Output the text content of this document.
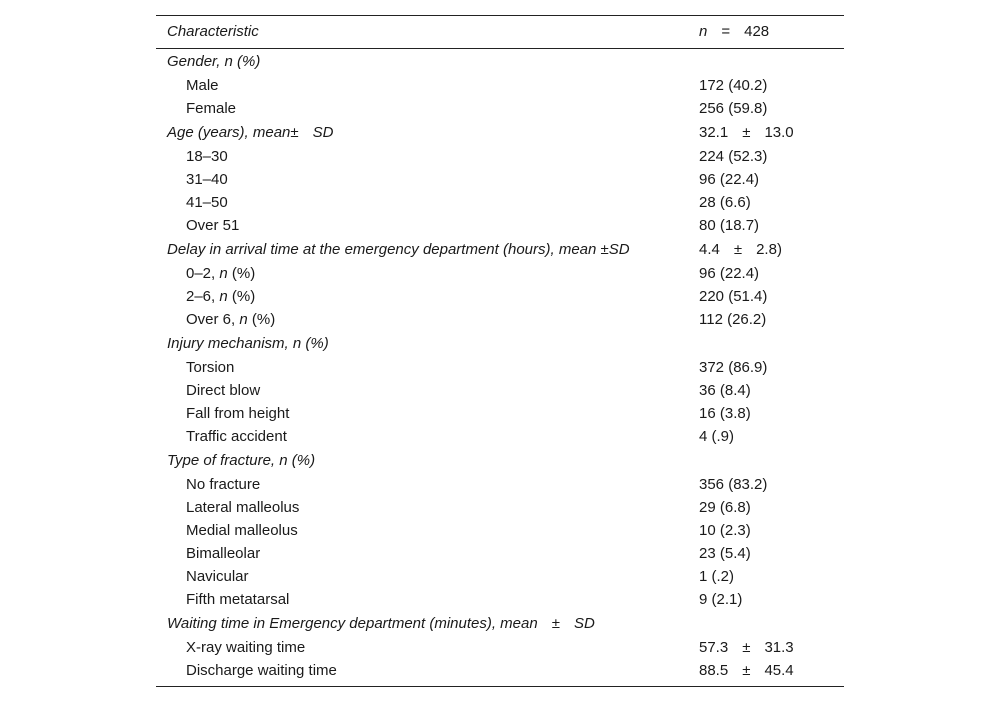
Characteristic	n = 428
Gender, n (%)
Male	172 (40.2)
Female	256 (59.8)
Age (years), mean± SD	32.1 ± 13.0
18–30	224 (52.3)
31–40	96 (22.4)
41–50	28 (6.6)
Over 51	80 (18.7)
Delay in arrival time at the emergency department (hours), mean ±SD	4.4 ± 2.8)
0–2, n (%)	96 (22.4)
2–6, n (%)	220 (51.4)
Over 6, n (%)	112 (26.2)
Injury mechanism, n (%)
Torsion	372 (86.9)
Direct blow	36 (8.4)
Fall from height	16 (3.8)
Traffic accident	4 (.9)
Type of fracture, n (%)
No fracture	356 (83.2)
Lateral malleolus	29 (6.8)
Medial malleolus	10 (2.3)
Bimalleolar	23 (5.4)
Navicular	1 (.2)
Fifth metatarsal	9 (2.1)
Waiting time in Emergency department (minutes), mean ± SD
X-ray waiting time	57.3 ± 31.3
Discharge waiting time	88.5 ± 45.4
